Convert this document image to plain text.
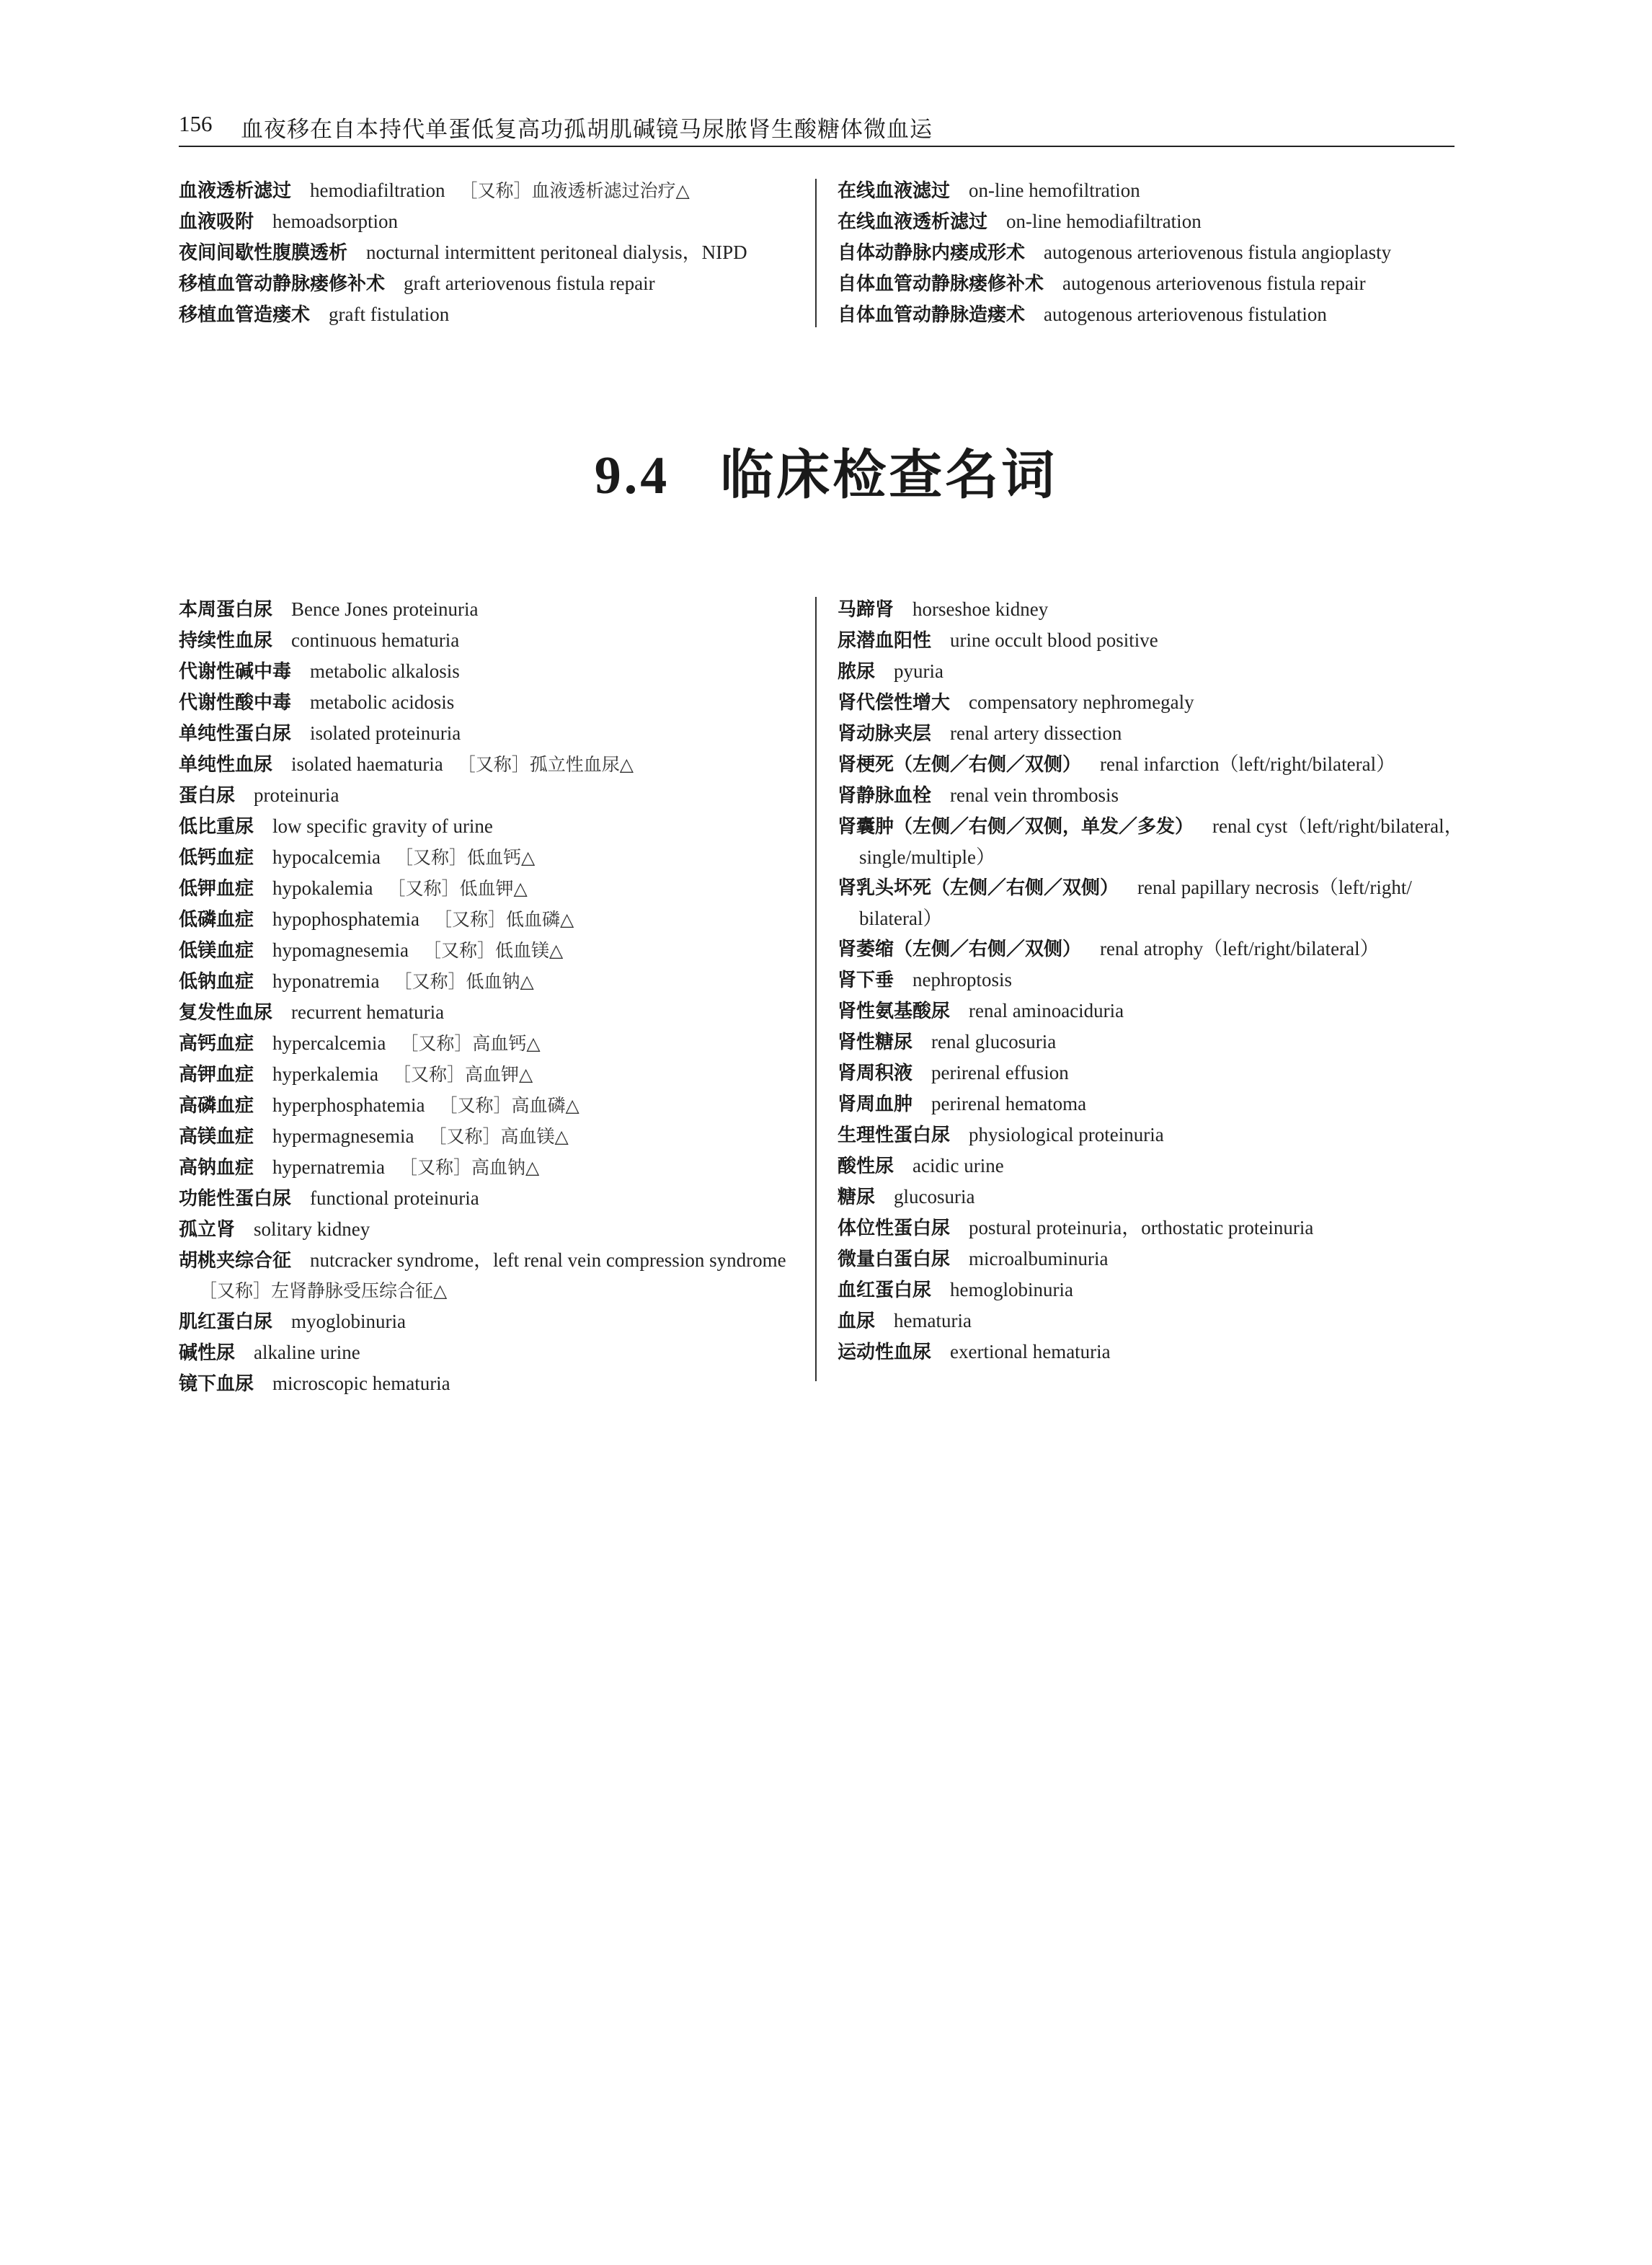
156 血夜移在自本持代单蛋低复高功孤胡肌碱镜马尿脓肾生酸糖体微血运
血液透析滤过 hemodiafiltration ［又称］血液透析滤过治疗△
血液吸附 hemoadsorption
夜间间歇性腹膜透析 nocturnal intermittent peritoneal dialysis，NIPD
移植血管动静脉瘘修补术 graft arteriovenous fistula repair
移植血管造瘘术 graft fistulation
在线血液滤过 on-line hemofiltration
在线血液透析滤过 on-line hemodiafiltration
自体动静脉内瘘成形术 autogenous arteriovenous fistula angioplasty
自体血管动静脉瘘修补术 autogenous arteriovenous fistula repair
自体血管动静脉造瘘术 autogenous arteriovenous fistulation
9.4 临床检查名词
本周蛋白尿 Bence Jones proteinuria
持续性血尿 continuous hematuria
代谢性碱中毒 metabolic alkalosis
代谢性酸中毒 metabolic acidosis
单纯性蛋白尿 isolated proteinuria
单纯性血尿 isolated haematuria ［又称］孤立性血尿△
蛋白尿 proteinuria
低比重尿 low specific gravity of urine
低钙血症 hypocalcemia ［又称］低血钙△
低钾血症 hypokalemia ［又称］低血钾△
低磷血症 hypophosphatemia ［又称］低血磷△
低镁血症 hypomagnesemia ［又称］低血镁△
低钠血症 hyponatremia ［又称］低血钠△
复发性血尿 recurrent hematuria
高钙血症 hypercalcemia ［又称］高血钙△
高钾血症 hyperkalemia ［又称］高血钾△
高磷血症 hyperphosphatemia ［又称］高血磷△
高镁血症 hypermagnesemia ［又称］高血镁△
高钠血症 hypernatremia ［又称］高血钠△
功能性蛋白尿 functional proteinuria
孤立肾 solitary kidney
胡桃夹综合征 nutcracker syndrome，left renal vein compression syndrome
［又称］左肾静脉受压综合征△
肌红蛋白尿 myoglobinuria
碱性尿 alkaline urine
镜下血尿 microscopic hematuria
马蹄肾 horseshoe kidney
尿潜血阳性 urine occult blood positive
脓尿 pyuria
肾代偿性增大 compensatory nephromegaly
肾动脉夹层 renal artery dissection
肾梗死（左侧／右侧／双侧） renal infarction（left/right/bilateral）
肾静脉血栓 renal vein thrombosis
肾囊肿（左侧／右侧／双侧，单发／多发） renal cyst（left/right/bilateral，
single/multiple）
肾乳头坏死（左侧／右侧／双侧） renal papillary necrosis（left/right/
bilateral）
肾萎缩（左侧／右侧／双侧） renal atrophy（left/right/bilateral）
肾下垂 nephroptosis
肾性氨基酸尿 renal aminoaciduria
肾性糖尿 renal glucosuria
肾周积液 perirenal effusion
肾周血肿 perirenal hematoma
生理性蛋白尿 physiological proteinuria
酸性尿 acidic urine
糖尿 glucosuria
体位性蛋白尿 postural proteinuria，orthostatic proteinuria
微量白蛋白尿 microalbuminuria
血红蛋白尿 hemoglobinuria
血尿 hematuria
运动性血尿 exertional hematuria
